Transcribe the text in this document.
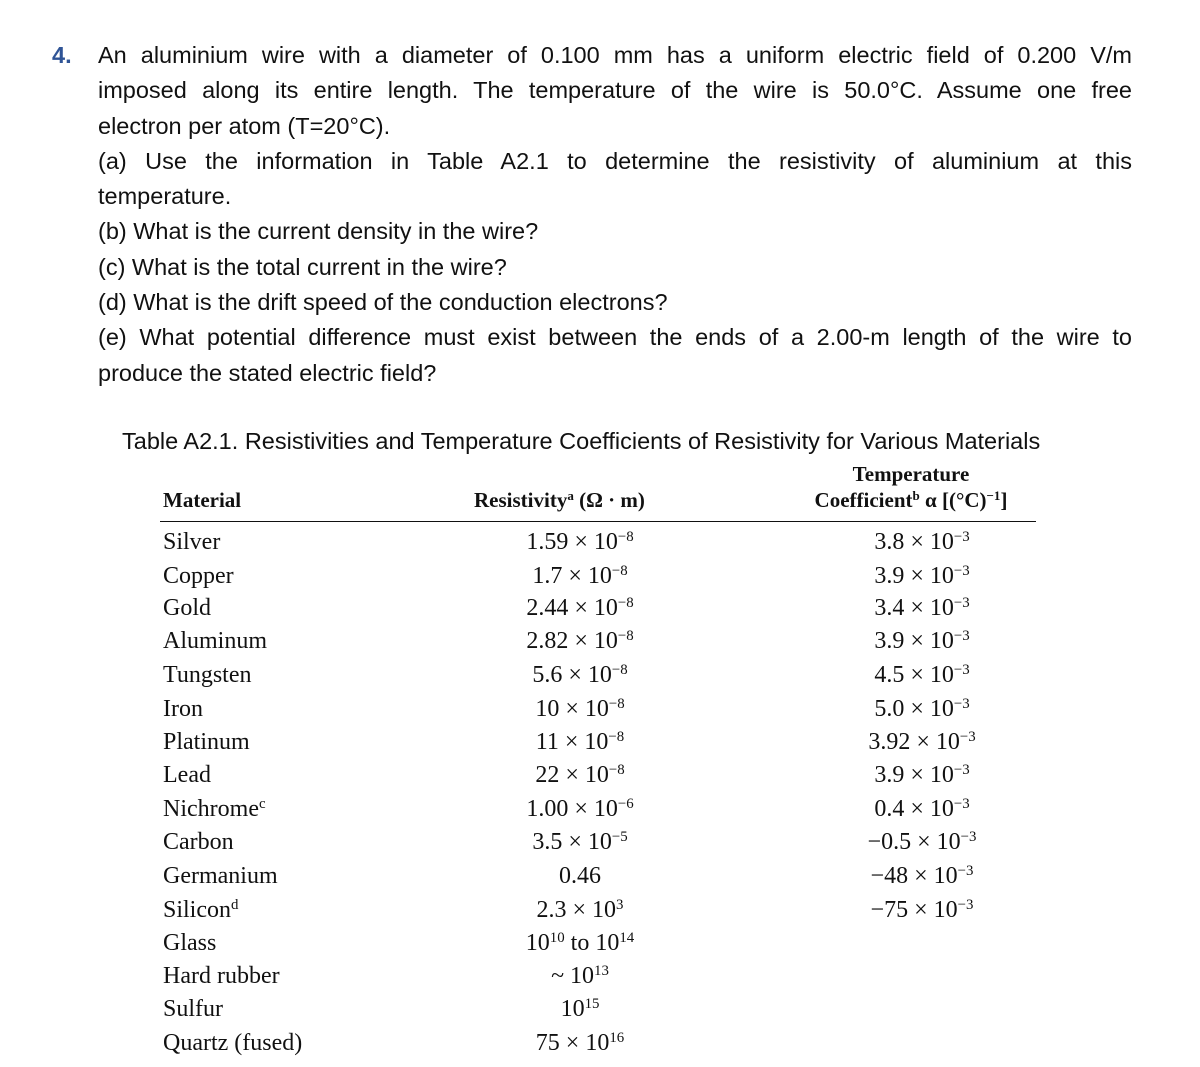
4. An aluminium wire with a diameter of 0.100 mm has a uniform electric field of 0.200 V/m
imposed along its entire length. The temperature of the wire is 50.0°C. Assume one free
electron per atom (T=20°C).
(a) Use the information in Table A2.1 to determine the resistivity of aluminium at this
temperature.
(b) What is the current density in the wire?
(c) What is the total current in the wire?
(d) What is the drift speed of the conduction electrons?
(e) What potential difference must exist between the ends of a 2.00-m length of the wire to
produce the stated electric field?
Table A2.1. Resistivities and Temperature Coefficients of Resistivity for Various Materials
Material	Resistivity$^a$ (Ω · m)
Temperature
Coefficient$^b$ α $[(^\circ C)^{-1}]$
Silver	$1.59 \times 10^{-8}$	$3.8 \times 10^{-3}$
Copper	$1.7 \times 10^{-8}$	$3.9 \times 10^{-3}$
Gold	$2.44 \times 10^{-8}$	$3.4 \times 10^{-3}$
Aluminum	$2.82 \times 10^{-8}$	$3.9 \times 10^{-3}$
Tungsten	$5.6 \times 10^{-8}$	$4.5 \times 10^{-3}$
Iron	$10 \times 10^{-8}$	$5.0 \times 10^{-3}$
Platinum	$11 \times 10^{-8}$	$3.92 \times 10^{-3}$
Lead	$22 \times 10^{-8}$	$3.9 \times 10^{-3}$
Nichrome$^c$	$1.00 \times 10^{-6}$	$0.4 \times 10^{-3}$
Carbon	$3.5 \times 10^{-5}$	$-0.5 \times 10^{-3}$
Germanium	0.46	$-48 \times 10^{-3}$
Silicon$^d$	$2.3 \times 10^3$	$-75 \times 10^{-3}$
Glass	$10^{10}$ to $10^{14}$
Hard rubber	~ $10^{13}$
Sulfur	$10^{15}$
Quartz (fused)	$75 \times 10^{16}$
